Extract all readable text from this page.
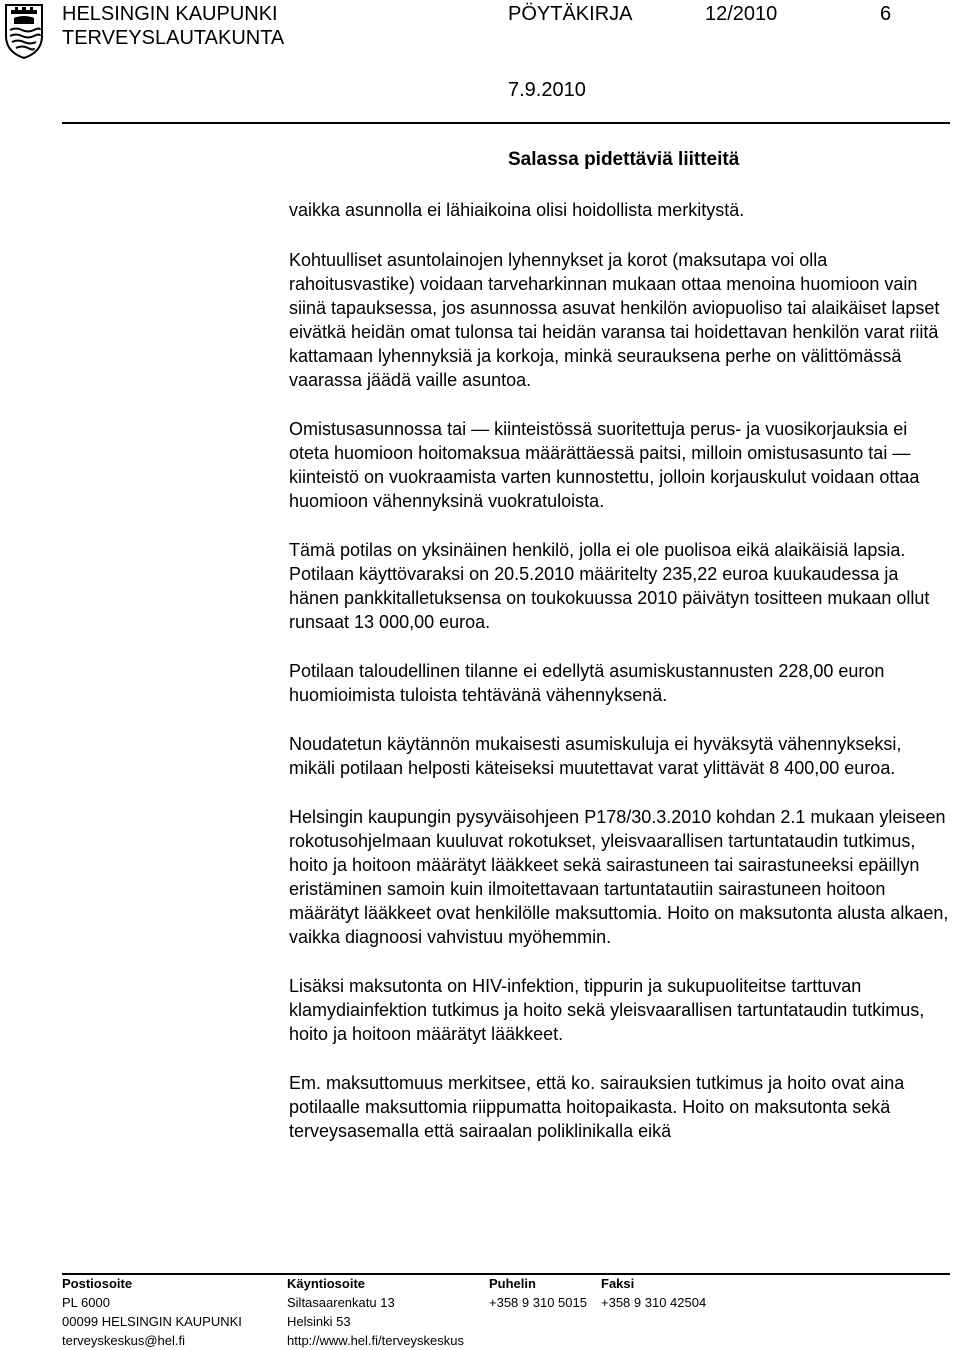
HELSINGIN KAUPUNKI
TERVEYSLAUTAKUNTA
PÖYTÄKIRJA	12/2010	6
7.9.2010
Salassa pidettäviä liitteitä

vaikka asunnolla ei lähiaikoina olisi hoidollista merkitystä.

Kohtuulliset asuntolainojen lyhennykset ja korot (maksutapa voi olla rahoitusvastike) voidaan tarveharkinnan mukaan ottaa menoina huomioon vain siinä tapauksessa, jos asunnossa asuvat henkilön aviopuoliso tai alaikäiset lapset eivätkä heidän omat tulonsa tai heidän varansa tai hoidettavan henkilön varat riitä kattamaan lyhennyksiä ja korkoja, minkä seurauksena perhe on välittömässä vaarassa jäädä vaille asuntoa.

Omistusasunnossa tai — kiinteistössä suoritettuja perus- ja vuosikorjauksia ei oteta huomioon hoitomaksua määrättäessä paitsi, milloin omistusasunto tai — kiinteistö on vuokraamista varten kunnostettu, jolloin korjauskulut voidaan ottaa huomioon vähennyksinä vuokratuloista.

Tämä potilas on yksinäinen henkilö, jolla ei ole puolisoa eikä alaikäisiä lapsia. Potilaan käyttövaraksi on 20.5.2010 määritelty 235,22 euroa kuukaudessa ja hänen pankkitalletuksensa on toukokuussa 2010 päivätyn tositteen mukaan ollut runsaat 13 000,00 euroa.

Potilaan taloudellinen tilanne ei edellytä asumiskustannusten 228,00 euron huomioimista tuloista tehtävänä vähennyksenä.

Noudatetun käytännön mukaisesti asumiskuluja ei hyväksytä vähennykseksi, mikäli potilaan helposti käteiseksi muutettavat varat ylittävät 8 400,00 euroa.

Helsingin kaupungin pysyväisohjeen P178/30.3.2010 kohdan 2.1 mukaan yleiseen rokotusohjelmaan kuuluvat rokotukset, yleisvaarallisen tartuntataudin tutkimus, hoito ja hoitoon määrätyt lääkkeet sekä sairastuneen tai sairastuneeksi epäillyn eristäminen samoin kuin ilmoitettavaan tartuntatautiin sairastuneen hoitoon määrätyt lääkkeet ovat henkilölle maksuttomia. Hoito on maksutonta alusta alkaen, vaikka diagnoosi vahvistuu myöhemmin.

Lisäksi maksutonta on HIV-infektion, tippurin ja sukupuoliteitse tarttuvan klamydiainfektion tutkimus ja hoito sekä yleisvaarallisen tartuntataudin tutkimus, hoito ja hoitoon määrätyt lääkkeet.

Em. maksuttomuus merkitsee, että ko. sairauksien tutkimus ja hoito ovat aina potilaalle maksuttomia riippumatta hoitopaikasta. Hoito on maksutonta sekä terveysasemalla että sairaalan poliklinikalla eikä

Postiosoite
PL 6000
00099 HELSINGIN KAUPUNKI
terveyskeskus@hel.fi
Käyntiosoite
Siltasaarenkatu 13
Helsinki 53
http://www.hel.fi/terveyskeskus
Puhelin
+358 9 310 5015
Faksi
+358 9 310 42504
